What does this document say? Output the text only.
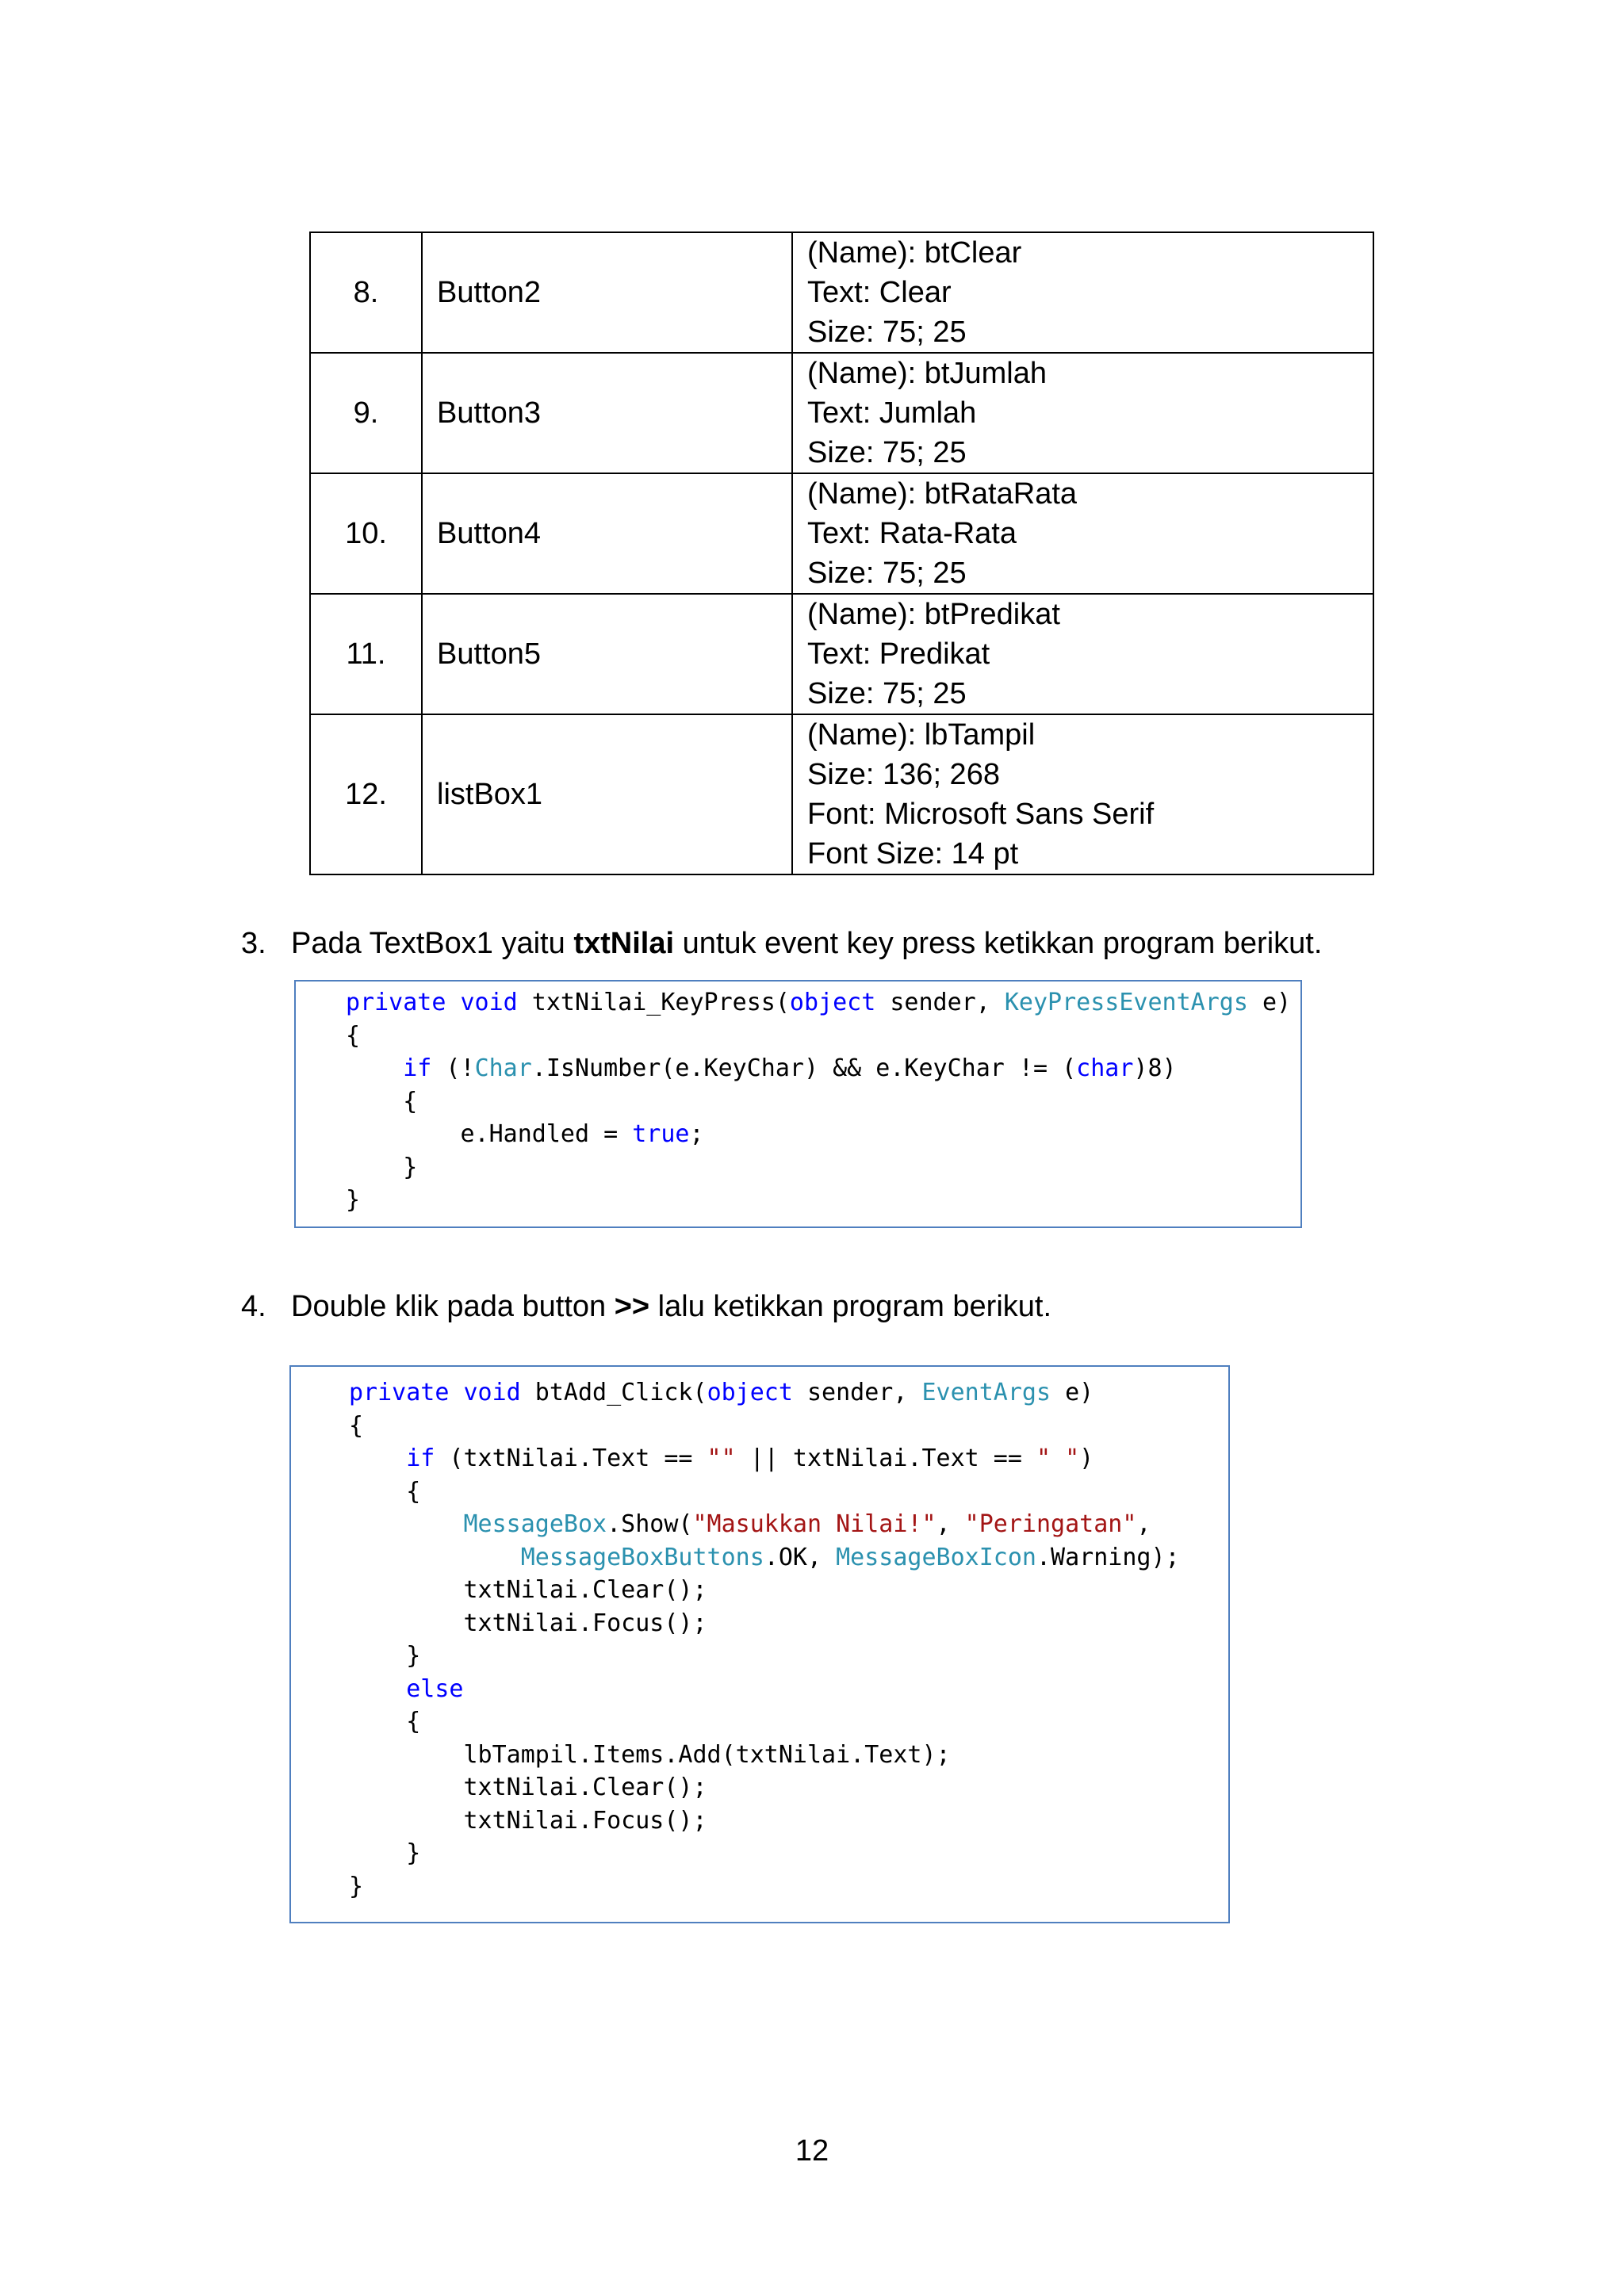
8.	Button2	(Name): btClear
Text: Clear
Size: 75; 25

9.	Button3	(Name): btJumlah
Text: Jumlah
Size: 75; 25

10.	Button4	(Name): btRataRata
Text: Rata-Rata
Size: 75; 25

11.	Button5	(Name): btPredikat
Text: Predikat
Size: 75; 25

12.	listBox1	(Name): lbTampil
Size: 136; 268
Font: Microsoft Sans Serif
Font Size: 14 pt
3. Pada TextBox1 yaitu txtNilai untuk event key press ketikkan program berikut.
private void txtNilai_KeyPress(object sender, KeyPressEventArgs e)
{
if (!Char.IsNumber(e.KeyChar) && e.KeyChar != (char)8)
{
e.Handled = true;
}
}
4. Double klik pada button >> lalu ketikkan program berikut.
private void btAdd_Click(object sender, EventArgs e)
{
if (txtNilai.Text == "" || txtNilai.Text == " ")
{
MessageBox.Show("Masukkan Nilai!", "Peringatan",
MessageBoxButtons.OK, MessageBoxIcon.Warning);
txtNilai.Clear();
txtNilai.Focus();
}
else
{
lbTampil.Items.Add(txtNilai.Text);
txtNilai.Clear();
txtNilai.Focus();
}
}
12
